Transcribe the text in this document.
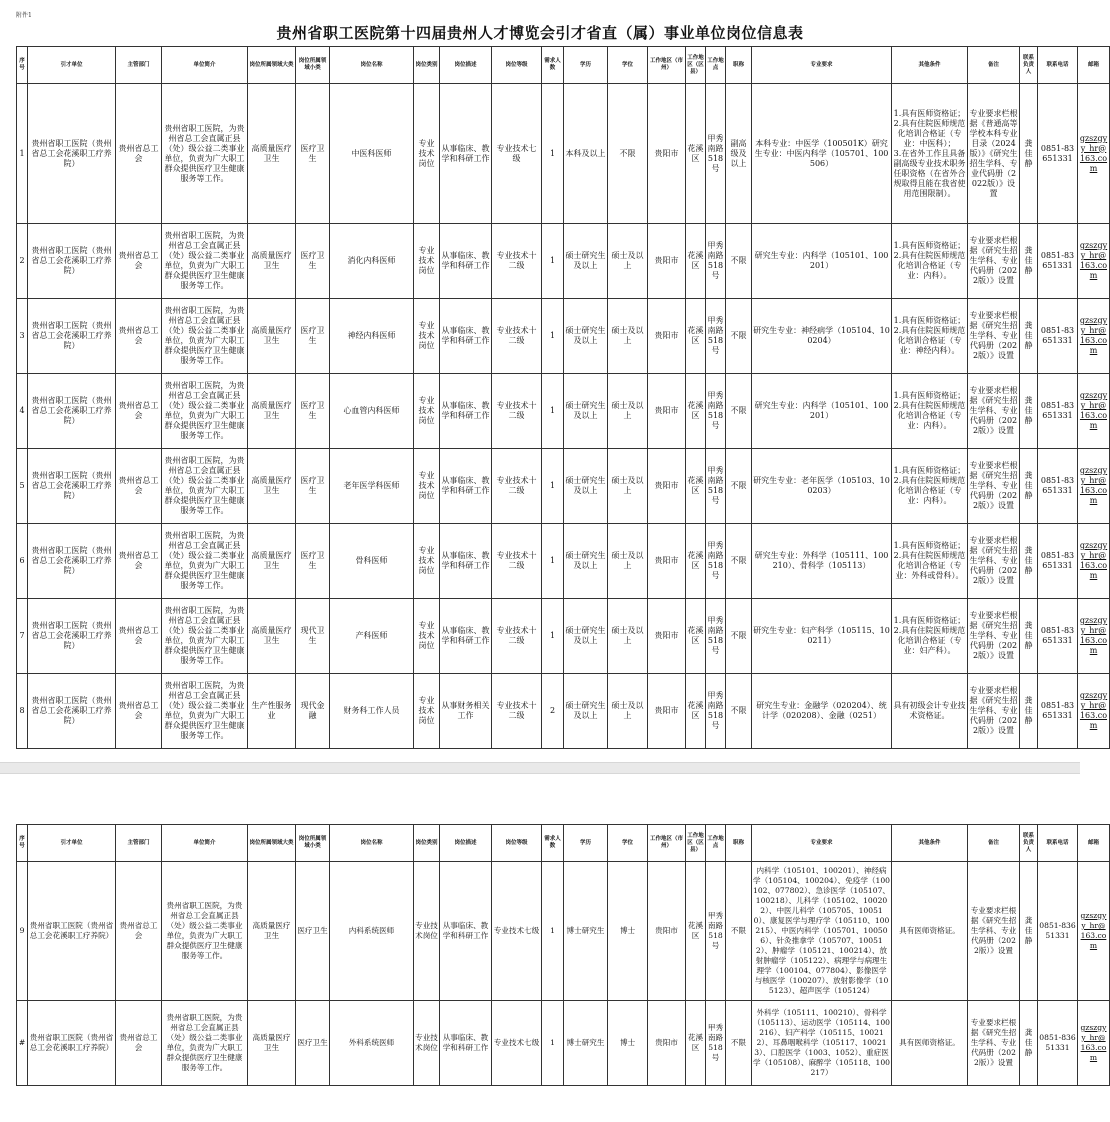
附件1
贵州省职工医院第十四届贵州人才博览会引才省直（属）事业单位岗位信息表
序号	引才单位	主管部门	单位简介	岗位所属领域大类	岗位所属领域小类	岗位名称	岗位类别	岗位描述	岗位等级	需求人数	学历	学位	工作地区（市州）	工作地区（区县）	工作地点	职称	专业要求	其他条件	备注	联系负责人	联系电话	邮箱
1	贵州省职工医院（贵州省总工会花溪职工疗养院）	贵州省总工会	贵州省职工医院，为贵州省总工会直属正县（处）级公益二类事业单位，负责为广大职工群众提供医疗卫生健康服务等工作。	高质量医疗卫生	医疗卫生	中医科医师	专业技术岗位	从事临床、教学和科研工作	专业技术七级	1	本科及以上	不限	贵阳市	花溪区	甲秀南路518号	副高级及以上	本科专业：中医学（100501K）研究生专业：中医内科学（105701、100506）	1.具有医师资格证；
2.具有住院医师规范化培训合格证（专业：中医科）；
3.在省外工作且具备副高级专业技术职务任职资格（在省外合规取得且能在我省使用范围限制）。	专业要求栏根据《普通高等学校本科专业目录（2024版）》《研究生招生学科、专业代码册（2022版）》设置	龚佳静	0851-83651331	gzszgyy_hr@163.com
2	贵州省职工医院（贵州省总工会花溪职工疗养院）	贵州省总工会	贵州省职工医院，为贵州省总工会直属正县（处）级公益二类事业单位，负责为广大职工群众提供医疗卫生健康服务等工作。	高质量医疗卫生	医疗卫生	消化内科医师	专业技术岗位	从事临床、教学和科研工作	专业技术十二级	1	硕士研究生及以上	硕士及以上	贵阳市	花溪区	甲秀南路518号	不限	研究生专业：内科学（105101、100201）	1.具有医师资格证；
2.具有住院医师规范化培训合格证（专业：内科）。	专业要求栏根据《研究生招生学科、专业代码册（2022版）》设置	龚佳静	0851-83651331	gzszgyy_hr@163.com
3	贵州省职工医院（贵州省总工会花溪职工疗养院）	贵州省总工会	贵州省职工医院，为贵州省总工会直属正县（处）级公益二类事业单位，负责为广大职工群众提供医疗卫生健康服务等工作。	高质量医疗卫生	医疗卫生	神经内科医师	专业技术岗位	从事临床、教学和科研工作	专业技术十二级	1	硕士研究生及以上	硕士及以上	贵阳市	花溪区	甲秀南路518号	不限	研究生专业：神经病学（105104、100204）	1.具有医师资格证；
2.具有住院医师规范化培训合格证（专业：神经内科）。	专业要求栏根据《研究生招生学科、专业代码册（2022版）》设置	龚佳静	0851-83651331	gzszgyy_hr@163.com
4	贵州省职工医院（贵州省总工会花溪职工疗养院）	贵州省总工会	贵州省职工医院，为贵州省总工会直属正县（处）级公益二类事业单位，负责为广大职工群众提供医疗卫生健康服务等工作。	高质量医疗卫生	医疗卫生	心血管内科医师	专业技术岗位	从事临床、教学和科研工作	专业技术十二级	1	硕士研究生及以上	硕士及以上	贵阳市	花溪区	甲秀南路518号	不限	研究生专业：内科学（105101、100201）	1.具有医师资格证；
2.具有住院医师规范化培训合格证（专业：内科）。	专业要求栏根据《研究生招生学科、专业代码册（2022版）》设置	龚佳静	0851-83651331	gzszgyy_hr@163.com
5	贵州省职工医院（贵州省总工会花溪职工疗养院）	贵州省总工会	贵州省职工医院，为贵州省总工会直属正县（处）级公益二类事业单位，负责为广大职工群众提供医疗卫生健康服务等工作。	高质量医疗卫生	医疗卫生	老年医学科医师	专业技术岗位	从事临床、教学和科研工作	专业技术十二级	1	硕士研究生及以上	硕士及以上	贵阳市	花溪区	甲秀南路518号	不限	研究生专业：老年医学（105103、100203）	1.具有医师资格证；
2.具有住院医师规范化培训合格证（专业：内科）。	专业要求栏根据《研究生招生学科、专业代码册（2022版）》设置	龚佳静	0851-83651331	gzszgyy_hr@163.com
6	贵州省职工医院（贵州省总工会花溪职工疗养院）	贵州省总工会	贵州省职工医院，为贵州省总工会直属正县（处）级公益二类事业单位，负责为广大职工群众提供医疗卫生健康服务等工作。	高质量医疗卫生	医疗卫生	骨科医师	专业技术岗位	从事临床、教学和科研工作	专业技术十二级	1	硕士研究生及以上	硕士及以上	贵阳市	花溪区	甲秀南路518号	不限	研究生专业：外科学（105111、100210）、骨科学（105113）	1.具有医师资格证；
2.具有住院医师规范化培训合格证（专业：外科或骨科）。	专业要求栏根据《研究生招生学科、专业代码册（2022版）》设置	龚佳静	0851-83651331	gzszgyy_hr@163.com
7	贵州省职工医院（贵州省总工会花溪职工疗养院）	贵州省总工会	贵州省职工医院，为贵州省总工会直属正县（处）级公益二类事业单位，负责为广大职工群众提供医疗卫生健康服务等工作。	高质量医疗卫生	现代卫生	产科医师	专业技术岗位	从事临床、教学和科研工作	专业技术十二级	1	硕士研究生及以上	硕士及以上	贵阳市	花溪区	甲秀南路518号	不限	研究生专业：妇产科学（105115、100211）	1.具有医师资格证；
2.具有住院医师规范化培训合格证（专业：妇产科）。	专业要求栏根据《研究生招生学科、专业代码册（2022版）》设置	龚佳静	0851-83651331	gzszgyy_hr@163.com
8	贵州省职工医院（贵州省总工会花溪职工疗养院）	贵州省总工会	贵州省职工医院，为贵州省总工会直属正县（处）级公益二类事业单位，负责为广大职工群众提供医疗卫生健康服务等工作。	生产性服务业	现代金融	财务科工作人员	专业技术岗位	从事财务相关工作	专业技术十二级	2	硕士研究生及以上	硕士及以上	贵阳市	花溪区	甲秀南路518号	不限	研究生专业：金融学（020204）、统计学（020208）、金融（0251）	具有初级会计专业技术资格证。	专业要求栏根据《研究生招生学科、专业代码册（2022版）》设置	龚佳静	0851-83651331	gzszgyy_hr@163.com
序号	引才单位	主管部门	单位简介	岗位所属领域大类	岗位所属领域小类	岗位名称	岗位类别	岗位描述	岗位等级	需求人数	学历	学位	工作地区（市州）	工作地区（区县）	工作地点	职称	专业要求	其他条件	备注	联系负责人	联系电话	邮箱
9	贵州省职工医院（贵州省总工会花溪职工疗养院）	贵州省总工会	贵州省职工医院，为贵州省总工会直属正县（处）级公益二类事业单位，负责为广大职工群众提供医疗卫生健康服务等工作。	高质量医疗卫生	医疗卫生	内科系统医师	专业技术岗位	从事临床、教学和科研工作	专业技术七级	1	博士研究生	博士	贵阳市	花溪区	甲秀南路518号	不限	内科学（105101、100201）、神经病学（105104、100204）、免疫学（100102、077802）、急诊医学（105107、100218）、儿科学（105102、100202）、中医儿科学（105705、100510）、康复医学与理疗学（105110、100215）、中医内科学（105701、100506）、针灸推拿学（105707、100512）、肿瘤学（105121、100214）、放射肿瘤学（105122）、病理学与病理生理学（100104、077804）、影像医学与核医学（100207）、放射影像学（105123）、超声医学（105124）	具有医师资格证。	专业要求栏根据《研究生招生学科、专业代码册（2022版）》设置	龚佳静	0851-83651331	gzszgyy_hr@163.com
#	贵州省职工医院（贵州省总工会花溪职工疗养院）	贵州省总工会	贵州省职工医院，为贵州省总工会直属正县（处）级公益二类事业单位，负责为广大职工群众提供医疗卫生健康服务等工作。	高质量医疗卫生	医疗卫生	外科系统医师	专业技术岗位	从事临床、教学和科研工作	专业技术七级	1	博士研究生	博士	贵阳市	花溪区	甲秀南路518号	不限	外科学（105111、100210）、骨科学（105113）、运动医学（105114、100216）、妇产科学（105115、100212）、耳鼻咽喉科学（105117、100213）、口腔医学（1003、1052）、重症医学（105108）、麻醉学（105118、100217）	具有医师资格证。	专业要求栏根据《研究生招生学科、专业代码册（2022版）》设置	龚佳静	0851-83651331	gzszgyy_hr@163.com
